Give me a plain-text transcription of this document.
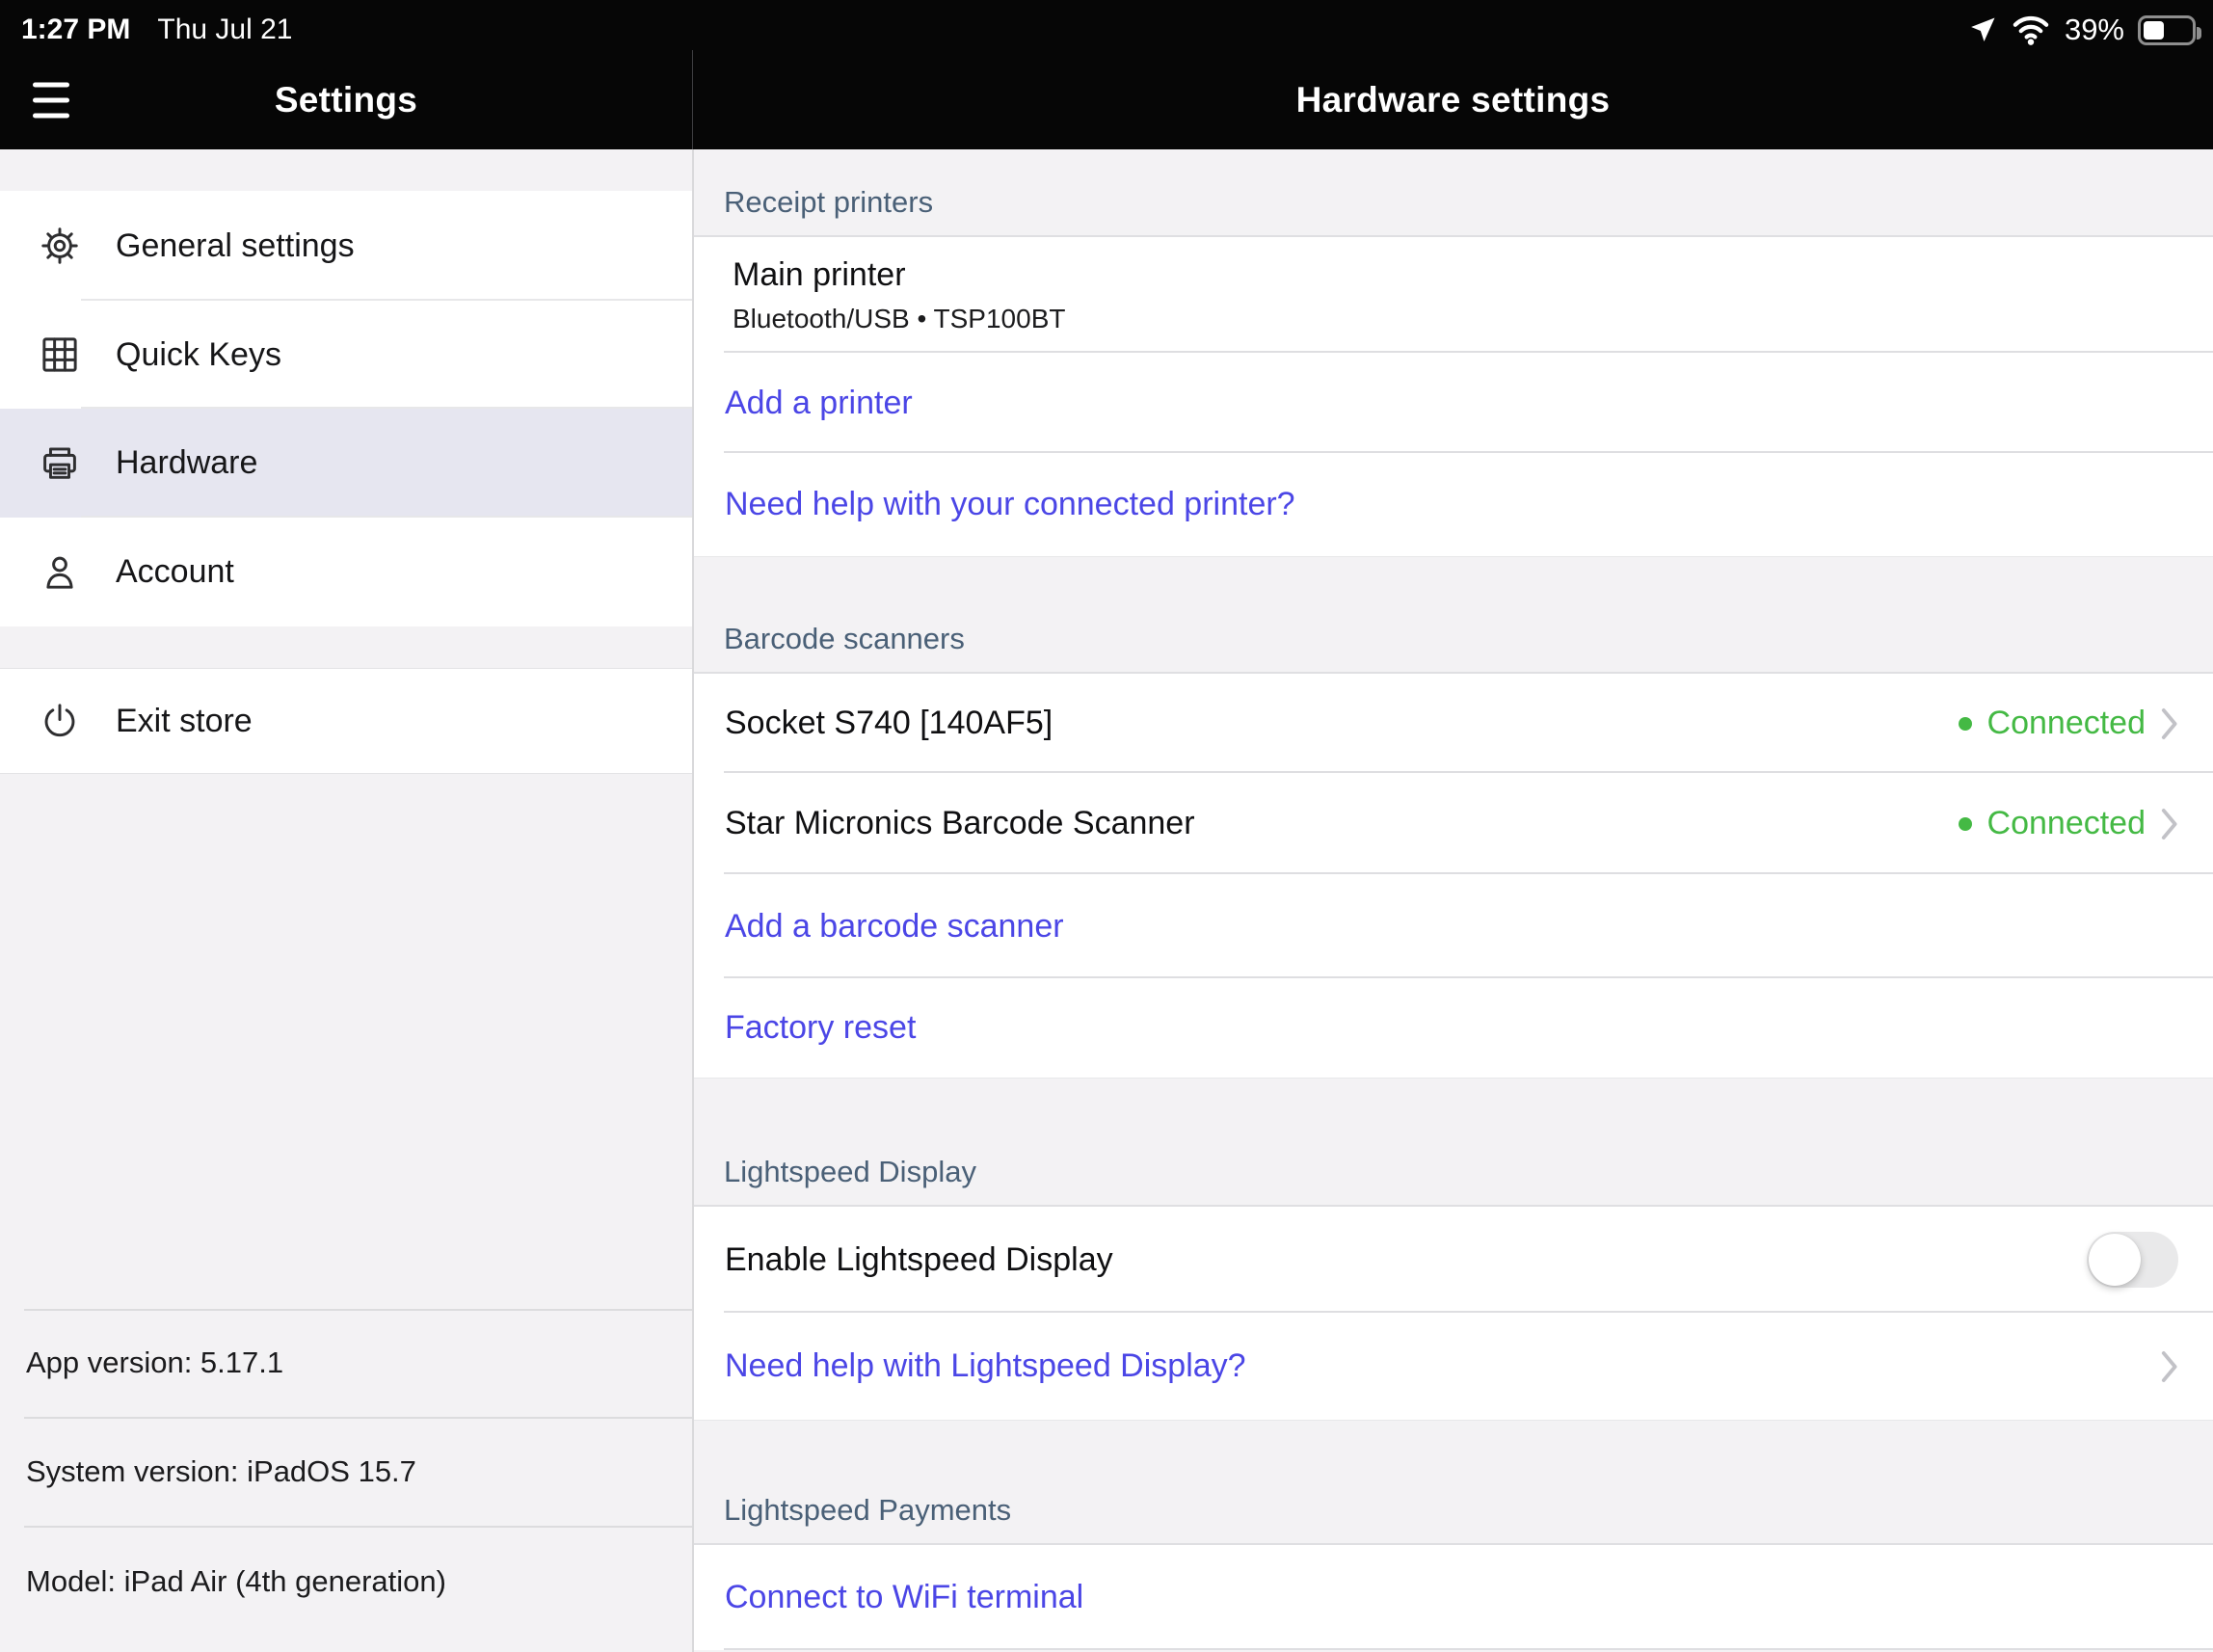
1:27 PM Thu Jul 21	39%
Settings	Hardware settings
General settings
Quick Keys
Hardware
Account
Exit store
App version: 5.17.1
System version: iPadOS 15.7
Model: iPad Air (4th generation)
Receipt printers
Main printer
Bluetooth/USB • TSP100BT
Add a printer
Need help with your connected printer?
Barcode scanners
Socket S740 [140AF5]	Connected
Star Micronics Barcode Scanner	Connected
Add a barcode scanner
Factory reset
Lightspeed Display
Enable Lightspeed Display
Need help with Lightspeed Display?
Lightspeed Payments
Connect to WiFi terminal
